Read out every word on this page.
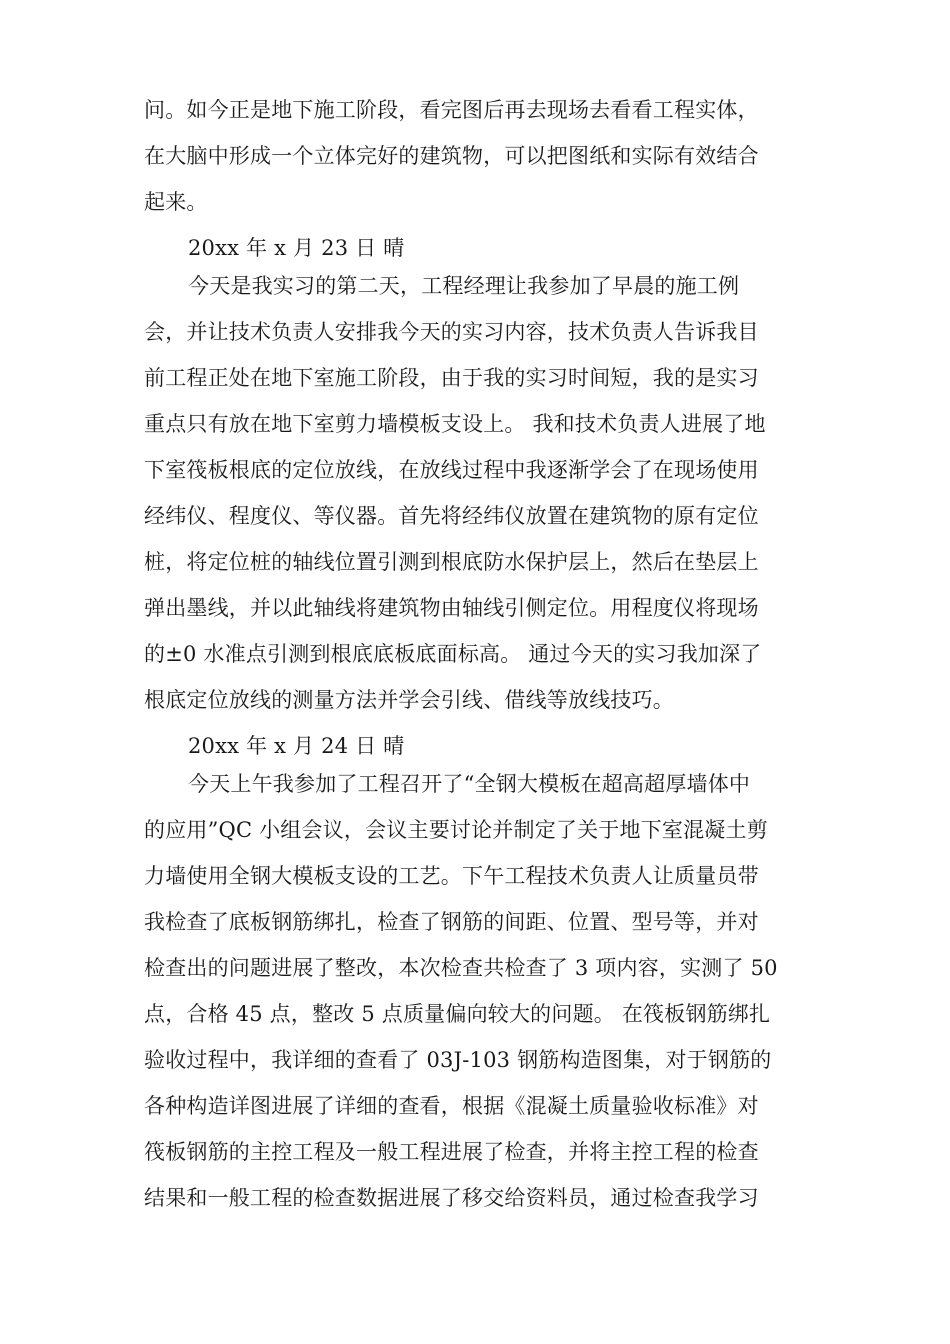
问。如今正是地下施工阶段，看完图后再去现场去看看工程实体，
在大脑中形成一个立体完好的建筑物，可以把图纸和实际有效结合
起来。
20xx 年 x 月 23 日 晴
今天是我实习的第二天，工程经理让我参加了早晨的施工例
会，并让技术负责人安排我今天的实习内容，技术负责人告诉我目
前工程正处在地下室施工阶段，由于我的实习时间短，我的是实习
重点只有放在地下室剪力墙模板支设上。 我和技术负责人进展了地
下室筏板根底的定位放线，在放线过程中我逐渐学会了在现场使用
经纬仪、程度仪、等仪器。首先将经纬仪放置在建筑物的原有定位
桩，将定位桩的轴线位置引测到根底防水保护层上，然后在垫层上
弹出墨线，并以此轴线将建筑物由轴线引侧定位。用程度仪将现场
的±0 水准点引测到根底底板底面标高。 通过今天的实习我加深了
根底定位放线的测量方法并学会引线、借线等放线技巧。
20xx 年 x 月 24 日 晴
今天上午我参加了工程召开了“全钢大模板在超高超厚墙体中
的应用”QC 小组会议，会议主要讨论并制定了关于地下室混凝土剪
力墙使用全钢大模板支设的工艺。下午工程技术负责人让质量员带
我检查了底板钢筋绑扎，检查了钢筋的间距、位置、型号等，并对
检查出的问题进展了整改，本次检查共检查了 3 项内容，实测了 50
点，合格 45 点，整改 5 点质量偏向较大的问题。 在筏板钢筋绑扎
验收过程中，我详细的查看了 03J-103 钢筋构造图集，对于钢筋的
各种构造详图进展了详细的查看，根据《混凝土质量验收标准》对
筏板钢筋的主控工程及一般工程进展了检查，并将主控工程的检查
结果和一般工程的检查数据进展了移交给资料员，通过检查我学习
